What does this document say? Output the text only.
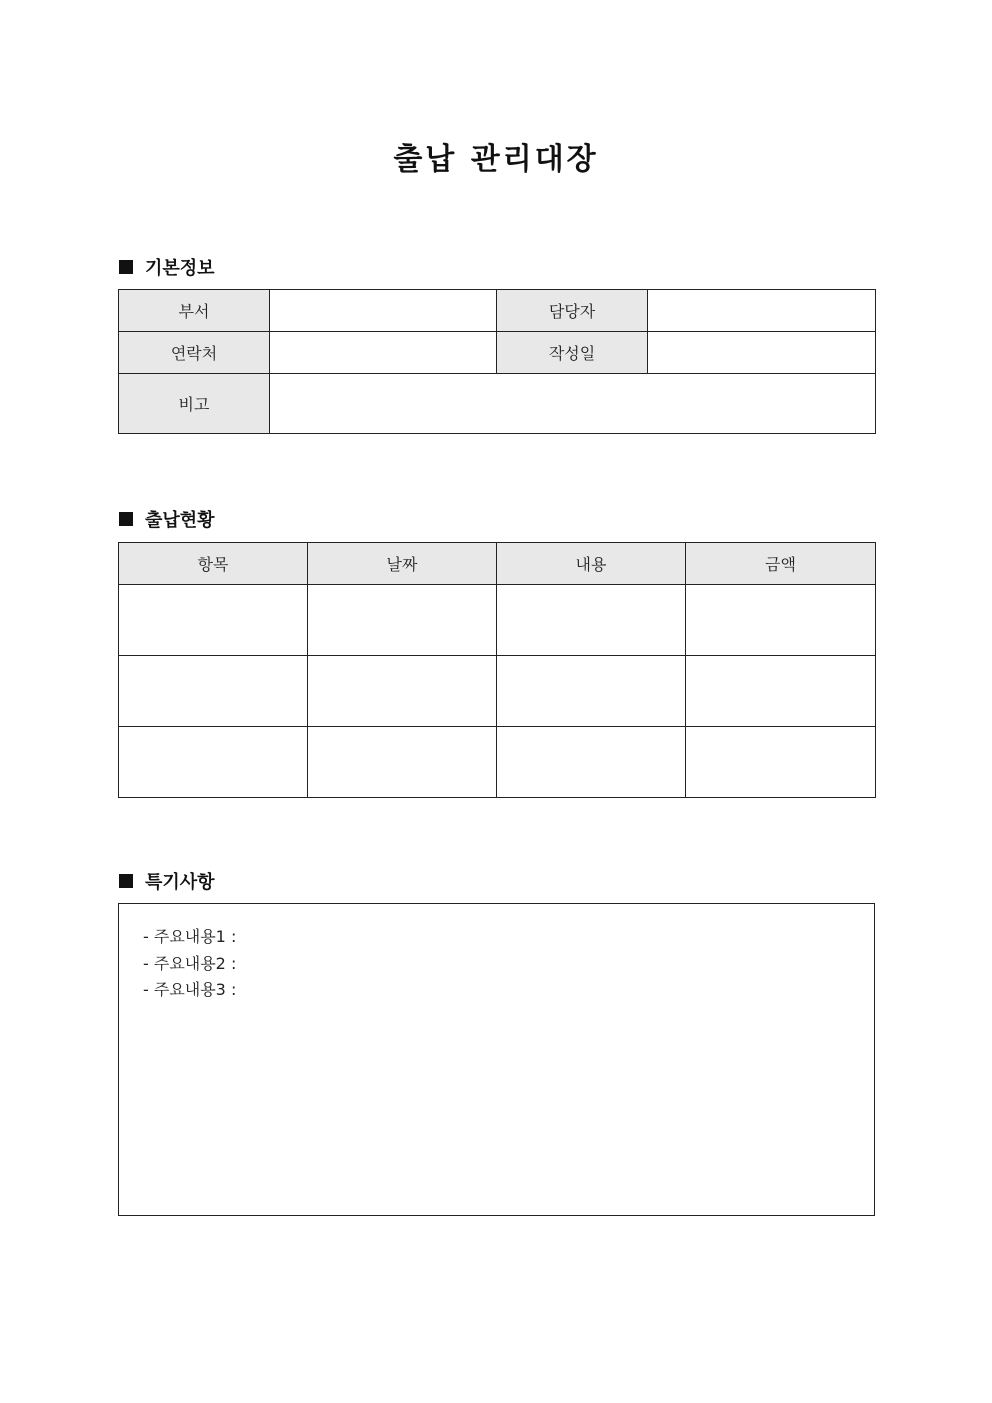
출납 관리대장
기본정보
부서		담당자	
연락처		작성일	
비고			
출납현황
항목	날짜	내용	금액

특기사항
- 주요내용1 :
- 주요내용2 :
- 주요내용3 :
